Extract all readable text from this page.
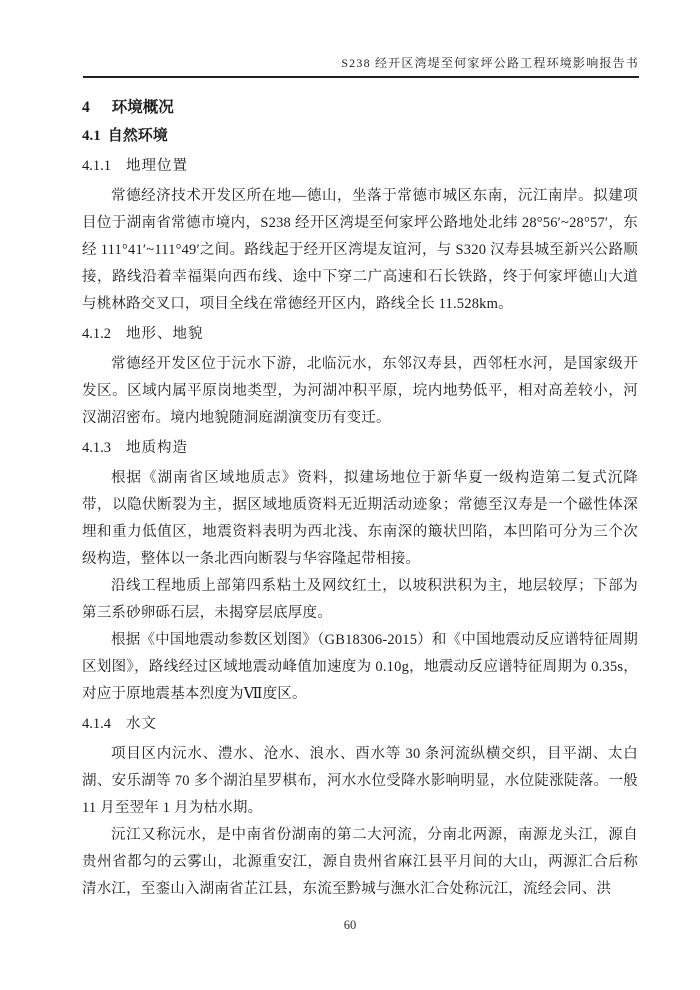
S238 经开区湾堤至何家坪公路工程环境影响报告书
4 环境概况
4.1 自然环境
4.1.1 地理位置

常德经济技术开发区所在地—德山，坐落于常德市城区东南，沅江南岸。拟建项目位于湖南省常德市境内，S238 经开区湾堤至何家坪公路地处北纬 28°56′~28°57′，东经 111°41′~111°49′之间。路线起于经开区湾堤友谊河，与 S320 汉寿县城至新兴公路顺接，路线沿着幸福渠向西布线、途中下穿二广高速和石长铁路，终于何家坪德山大道与桃林路交叉口，项目全线在常德经开区内，路线全长 11.528km。

4.1.2 地形、地貌

常德经开发区位于沅水下游，北临沅水，东邻汉寿县，西邻枉水河，是国家级开发区。区域内属平原岗地类型，为河湖冲积平原，垸内地势低平，相对高差较小，河汊湖沼密布。境内地貌随洞庭湖演变历有变迁。

4.1.3 地质构造

根据《湖南省区域地质志》资料，拟建场地位于新华夏一级构造第二复式沉降带，以隐伏断裂为主，据区域地质资料无近期活动迹象；常德至汉寿是一个磁性体深埋和重力低值区，地震资料表明为西北浅、东南深的簸状凹陷，本凹陷可分为三个次级构造，整体以一条北西向断裂与华容隆起带相接。

沿线工程地质上部第四系粘土及网纹红土，以坡积洪积为主，地层较厚；下部为第三系砂卵砾石层，未揭穿层底厚度。

根据《中国地震动参数区划图》（GB18306-2015）和《中国地震动反应谱特征周期区划图》，路线经过区域地震动峰值加速度为 0.10g，地震动反应谱特征周期为 0.35s，对应于原地震基本烈度为Ⅶ度区。

4.1.4 水文

项目区内沅水、澧水、沧水、浪水、酉水等 30 条河流纵横交织，目平湖、太白湖、安乐湖等 70 多个湖泊星罗棋布，河水水位受降水影响明显，水位陡涨陡落。一般 11 月至翌年 1 月为枯水期。

沅江又称沅水，是中南省份湖南的第二大河流，分南北两源，南源龙头江，源自贵州省都匀的云雾山，北源重安江，源自贵州省麻江县平月间的大山，两源汇合后称清水江，至銮山入湖南省芷江县，东流至黔城与潕水汇合处称沅江，流经会同、洪

60
